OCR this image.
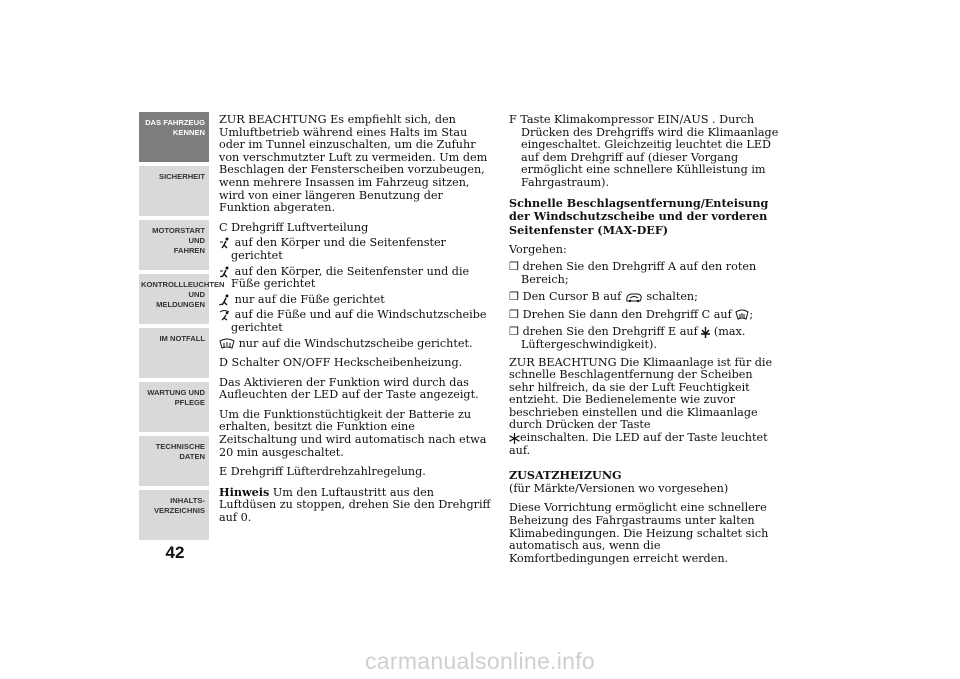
DAS FAHRZEUG
KENNEN
SICHERHEIT
MOTORSTART UND
FAHREN
KONTROLLLEUCHTEN
UND MELDUNGEN
IM NOTFALL
WARTUNG UND
PFLEGE
TECHNISCHE
DATEN
INHALTS-
VERZEICHNIS
42

ZUR BEACHTUNG Es empfiehlt sich, den Umluftbetrieb während eines Halts im Stau oder im Tunnel einzuschalten, um die Zufuhr von verschmutzter Luft zu vermeiden. Um dem Beschlagen der Fensterscheiben vorzubeugen, wenn mehrere Insassen im Fahrzeug sitzen, wird von einer längeren Benutzung der Funktion abgeraten.

C Drehgriff Luftverteilung

auf den Körper und die Seitenfenster gerichtet

auf den Körper, die Seitenfenster und die Füße gerichtet

nur auf die Füße gerichtet

auf die Füße und auf die Windschutzscheibe gerichtet

nur auf die Windschutzscheibe gerichtet.

D Schalter ON/OFF Heckscheibenheizung.

Das Aktivieren der Funktion wird durch das Aufleuchten der LED auf der Taste angezeigt.

Um die Funktionstüchtigkeit der Batterie zu erhalten, besitzt die Funktion eine Zeitschaltung und wird automatisch nach etwa 20 min ausgeschaltet.

E Drehgriff Lüfterdrehzahlregelung.

Hinweis Um den Luftaustritt aus den Luftdüsen zu stoppen, drehen Sie den Drehgriff auf 0.

F Taste Klimakompressor EIN/AUS . Durch Drücken des Drehgriffs wird die Klimaanlage eingeschaltet. Gleichzeitig leuchtet die LED auf dem Drehgriff auf (dieser Vorgang ermöglicht eine schnellere Kühlleistung im Fahrgastraum).

Schnelle Beschlagsentfernung/Enteisung der Windschutzscheibe und der vorderen Seitenfenster (MAX-DEF)

Vorgehen:

❒ drehen Sie den Drehgriff A auf den roten Bereich;

❒ Den Cursor B auf schalten;

❒ Drehen Sie dann den Drehgriff C auf ;

❒ drehen Sie den Drehgriff E auf (max. Lüftergeschwindigkeit).

ZUR BEACHTUNG Die Klimaanlage ist für die schnelle Beschlagentfernung der Scheiben sehr hilfreich, da sie der Luft Feuchtigkeit entzieht. Die Bedienelemente wie zuvor beschrieben einstellen und die Klimaanlage durch Drücken der Taste
einschalten. Die LED auf der Taste leuchtet auf.

ZUSATZHEIZUNG
(für Märkte/Versionen wo vorgesehen)

Diese Vorrichtung ermöglicht eine schnellere Beheizung des Fahrgastraums unter kalten Klimabedingungen. Die Heizung schaltet sich automatisch aus, wenn die Komfortbedingungen erreicht werden.

carmanualsonline.info
